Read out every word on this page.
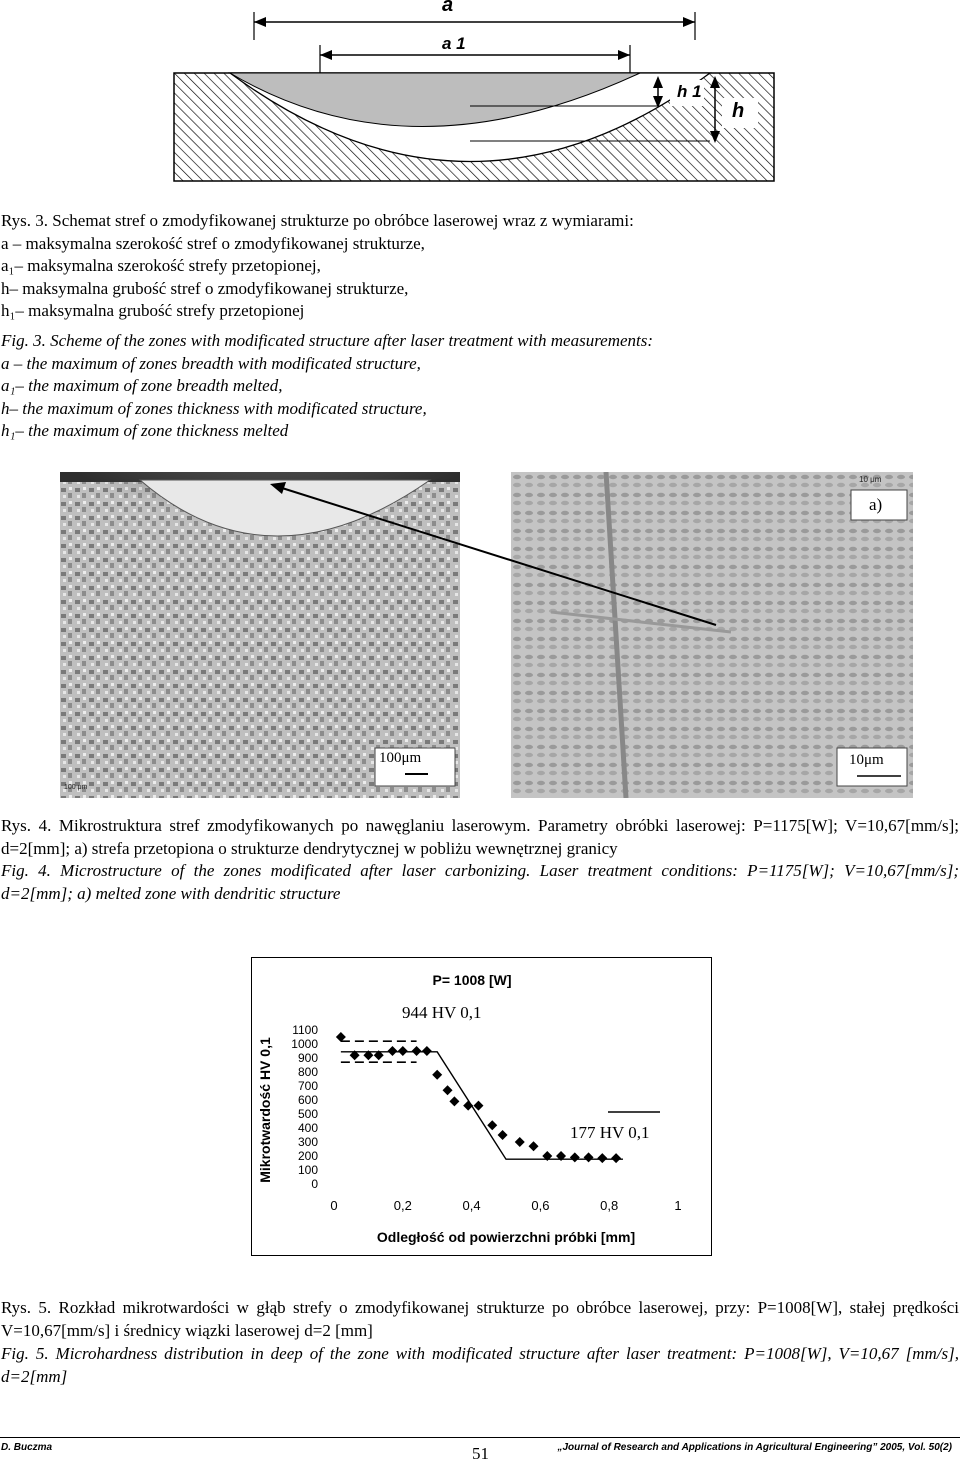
a
a 1
h 1
h
Rys. 3. Schemat stref o zmodyfikowanej strukturze po obróbce laserowej wraz z wymiarami:
a – maksymalna szerokość stref o zmodyfikowanej strukturze,
a₁– maksymalna szerokość strefy przetopionej,
h– maksymalna grubość stref o zmodyfikowanej strukturze,
h₁– maksymalna grubość strefy przetopionej
Fig. 3. Scheme of the zones with modificated structure after laser treatment with measurements:
a – the maximum of zones breadth with modificated structure,
a₁– the maximum of zone breadth melted,
h– the maximum of zones thickness with modificated structure,
h₁– the maximum of zone thickness melted
100μm
100 μm
10μm
a)
10 μm
Rys. 4. Mikrostruktura stref zmodyfikowanych po nawęglaniu laserowym. Parametry obróbki laserowej: P=1175[W]; V=10,67[mm/s]; d=2[mm]; a) strefa przetopiona o strukturze dendrytycznej w pobliżu wewnętrznej granicy
Fig. 4. Microstructure of the zones modificated after laser carbonizing. Laser treatment conditions: P=1175[W]; V=10,67[mm/s]; d=2[mm]; a) melted zone with dendritic structure
P= 1008 [W]
Mikrotwardość HV 0,1
Odległość od powierzchni próbki [mm]
1100
1000
900
800
700
600
500
400
300
200
100
0
0	0,2	0,4	0,6	0,8	1
944 HV 0,1
177 HV 0,1
Rys. 5. Rozkład mikrotwardości w głąb strefy o zmodyfikowanej strukturze po obróbce laserowej, przy: P=1008[W], stałej prędkości V=10,67[mm/s] i średnicy wiązki laserowej d=2 [mm]
Fig. 5. Microhardness distribution in deep of the zone with modificated structure after laser treatment: P=1008[W], V=10,67 [mm/s], d=2[mm]
D. Buczma	51	„Journal of Research and Applications in Agricultural Engineering” 2005, Vol. 50(2)
